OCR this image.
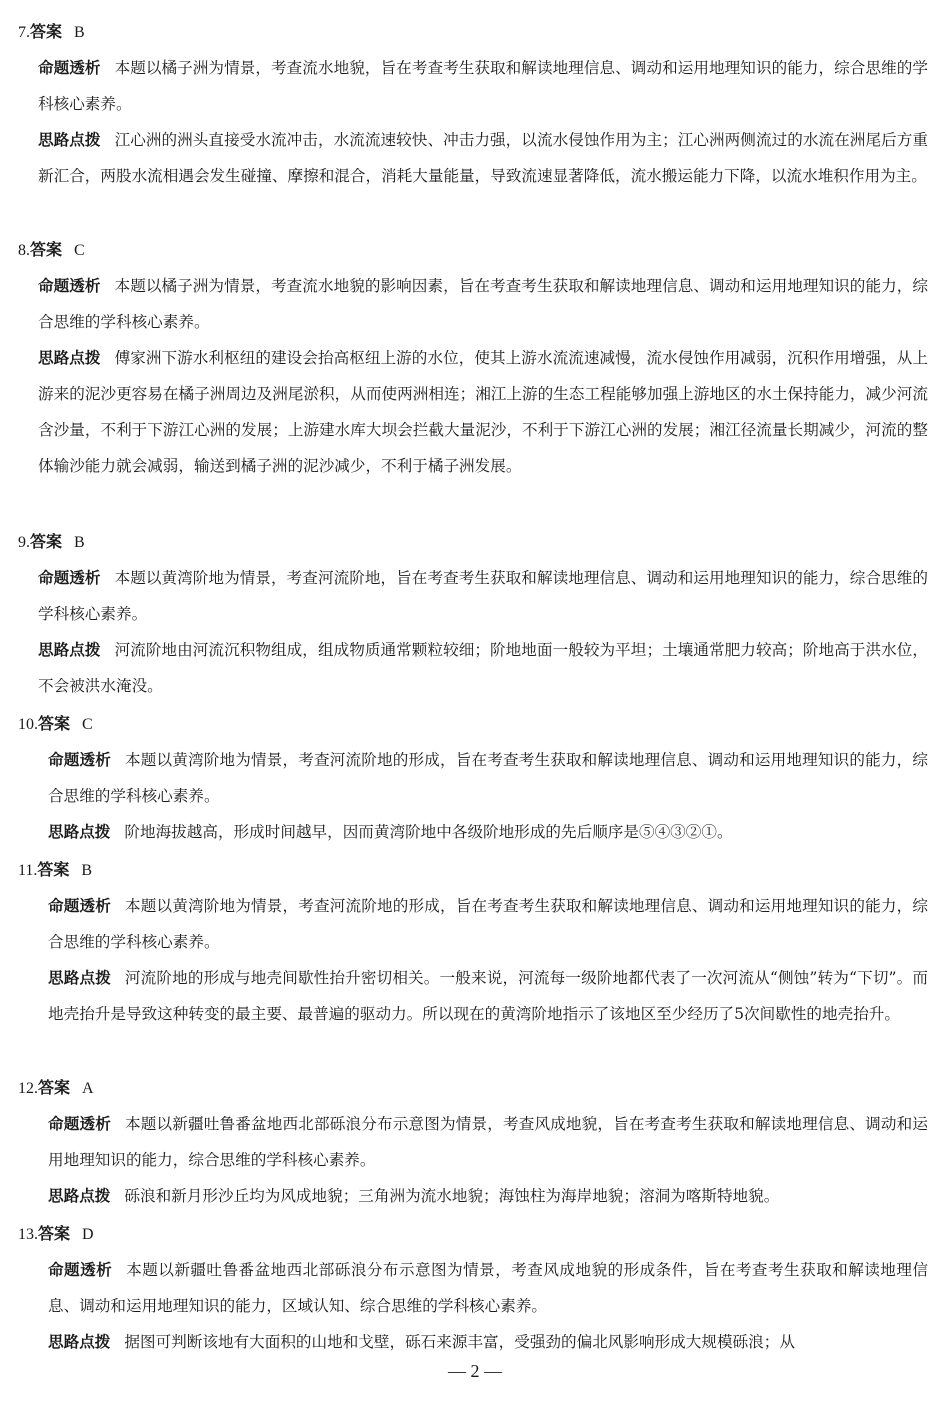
7.答案 B

命题透析 本题以橘子洲为情景，考查流水地貌，旨在考查考生获取和解读地理信息、调动和运用地理知识的能力，综合思维的学科核心素养。

思路点拨 江心洲的洲头直接受水流冲击，水流流速较快、冲击力强，以流水侵蚀作用为主；江心洲两侧流过的水流在洲尾后方重新汇合，两股水流相遇会发生碰撞、摩擦和混合，消耗大量能量，导致流速显著降低，流水搬运能力下降，以流水堆积作用为主。

8.答案 C

命题透析 本题以橘子洲为情景，考查流水地貌的影响因素，旨在考查考生获取和解读地理信息、调动和运用地理知识的能力，综合思维的学科核心素养。

思路点拨 傅家洲下游水利枢纽的建设会抬高枢纽上游的水位，使其上游水流流速减慢，流水侵蚀作用减弱，沉积作用增强，从上游来的泥沙更容易在橘子洲周边及洲尾淤积，从而使两洲相连；湘江上游的生态工程能够加强上游地区的水土保持能力，减少河流含沙量，不利于下游江心洲的发展；上游建水库大坝会拦截大量泥沙，不利于下游江心洲的发展；湘江径流量长期减少，河流的整体输沙能力就会减弱，输送到橘子洲的泥沙减少，不利于橘子洲发展。

9.答案 B

命题透析 本题以黄湾阶地为情景，考查河流阶地，旨在考查考生获取和解读地理信息、调动和运用地理知识的能力，综合思维的学科核心素养。

思路点拨 河流阶地由河流沉积物组成，组成物质通常颗粒较细；阶地地面一般较为平坦；土壤通常肥力较高；阶地高于洪水位，不会被洪水淹没。

10.答案 C

命题透析 本题以黄湾阶地为情景，考查河流阶地的形成，旨在考查考生获取和解读地理信息、调动和运用地理知识的能力，综合思维的学科核心素养。

思路点拨 阶地海拔越高，形成时间越早，因而黄湾阶地中各级阶地形成的先后顺序是⑤④③②①。

11.答案 B

命题透析 本题以黄湾阶地为情景，考查河流阶地的形成，旨在考查考生获取和解读地理信息、调动和运用地理知识的能力，综合思维的学科核心素养。

思路点拨 河流阶地的形成与地壳间歇性抬升密切相关。一般来说，河流每一级阶地都代表了一次河流从“侧蚀”转为“下切”。而地壳抬升是导致这种转变的最主要、最普遍的驱动力。所以现在的黄湾阶地指示了该地区至少经历了5次间歇性的地壳抬升。

12.答案 A

命题透析 本题以新疆吐鲁番盆地西北部砾浪分布示意图为情景，考查风成地貌，旨在考查考生获取和解读地理信息、调动和运用地理知识的能力，综合思维的学科核心素养。

思路点拨 砾浪和新月形沙丘均为风成地貌；三角洲为流水地貌；海蚀柱为海岸地貌；溶洞为喀斯特地貌。

13.答案 D

命题透析 本题以新疆吐鲁番盆地西北部砾浪分布示意图为情景，考查风成地貌的形成条件，旨在考查考生获取和解读地理信息、调动和运用地理知识的能力，区域认知、综合思维的学科核心素养。

思路点拨 据图可判断该地有大面积的山地和戈壁，砾石来源丰富，受强劲的偏北风影响形成大规模砾浪；从

— 2 —
